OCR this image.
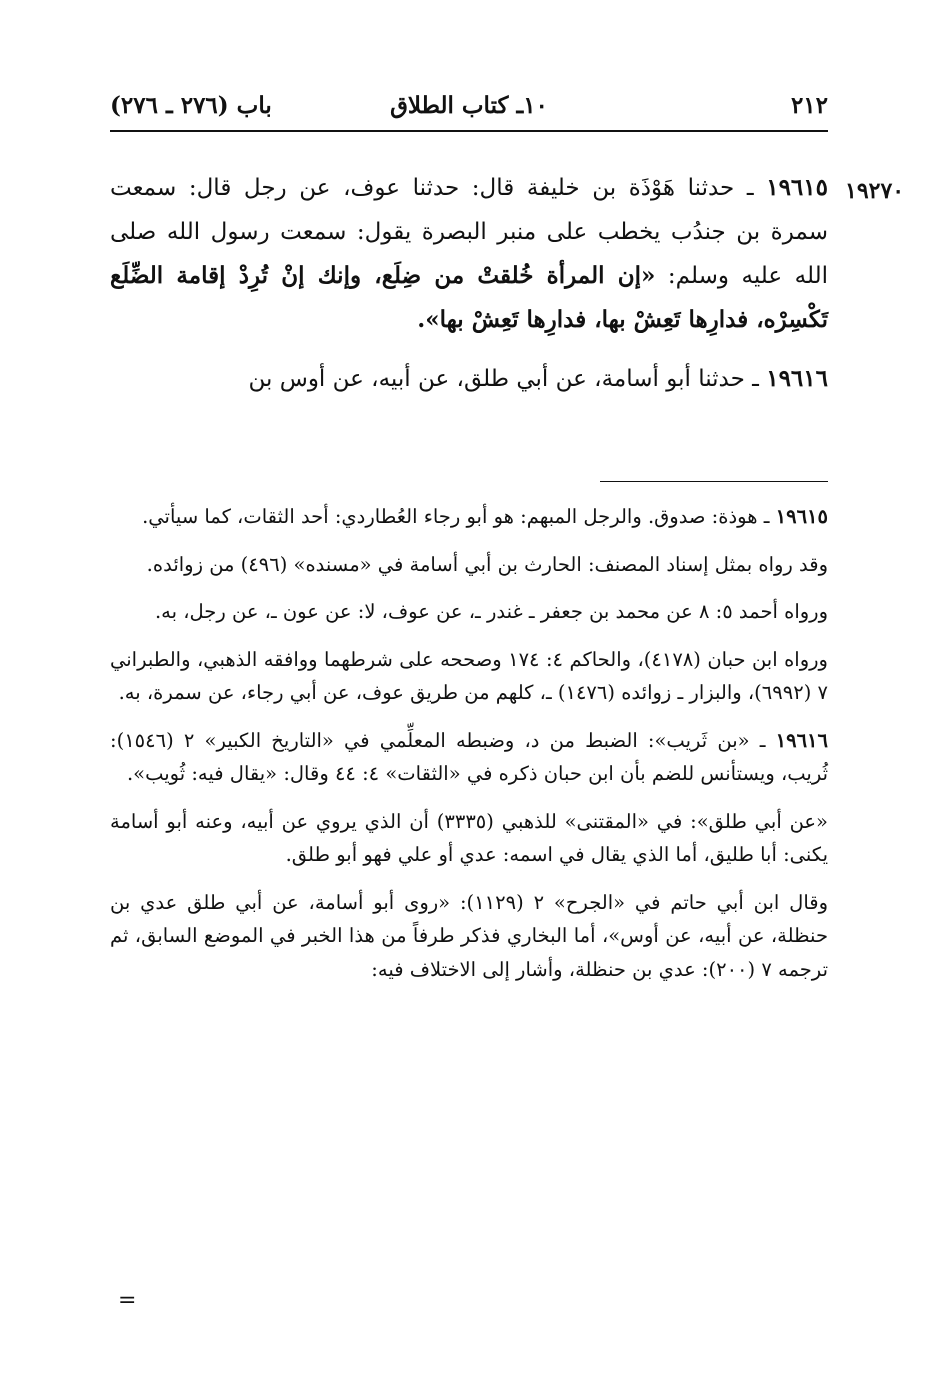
٢١٢
١٠ـ كتاب الطلاق
باب (٢٧٦ ـ ٢٧٦)
١٩٢٧٠

١٩٦١٥ ـ حدثنا هَوْذَة بن خليفة قال: حدثنا عوف، عن رجل قال: سمعت سمرة بن جندُب يخطب على منبر البصرة يقول: سمعت رسول الله صلى الله عليه وسلم: «إن المرأة خُلقتْ من ضِلَع، وإنك إنْ تُرِدْ إقامة الضِّلَع تَكْسِرْه، فدارِها تَعِشْ بها، فدارِها تَعِشْ بها».

١٩٦١٦ ـ حدثنا أبو أسامة، عن أبي طلق، عن أبيه، عن أوس بن

١٩٦١٥ ـ هوذة: صدوق. والرجل المبهم: هو أبو رجاء العُطاردي: أحد الثقات، كما سيأتي.

وقد رواه بمثل إسناد المصنف: الحارث بن أبي أسامة في «مسنده» (٤٩٦) من زوائده.

ورواه أحمد ٥: ٨ عن محمد بن جعفر ـ غندر ـ، عن عوف، لا: عن عون ـ، عن رجل، به.

ورواه ابن حبان (٤١٧٨)، والحاكم ٤: ١٧٤ وصححه على شرطهما ووافقه الذهبي، والطبراني ٧ (٦٩٩٢)، والبزار ـ زوائده (١٤٧٦) ـ، كلهم من طريق عوف، عن أبي رجاء، عن سمرة، به.

١٩٦١٦ ـ «بن ثَريب»: الضبط من د، وضبطه المعلِّمي في «التاريخ الكبير» ٢ (١٥٤٦): ثُريب، ويستأنس للضم بأن ابن حبان ذكره في «الثقات» ٤: ٤٤ وقال: «يقال فيه: ثُويب».

«عن أبي طلق»: في «المقتنى» للذهبي (٣٣٣٥) أن الذي يروي عن أبيه، وعنه أبو أسامة يكنى: أبا طليق، أما الذي يقال في اسمه: عدي أو علي فهو أبو طلق.

وقال ابن أبي حاتم في «الجرح» ٢ (١١٢٩): «روى أبو أسامة، عن أبي طلق عدي بن حنظلة، عن أبيه، عن أوس»، أما البخاري فذكر طرفاً من هذا الخبر في الموضع السابق، ثم ترجمه ٧ (٢٠٠): عدي بن حنظلة، وأشار إلى الاختلاف فيه:

=
